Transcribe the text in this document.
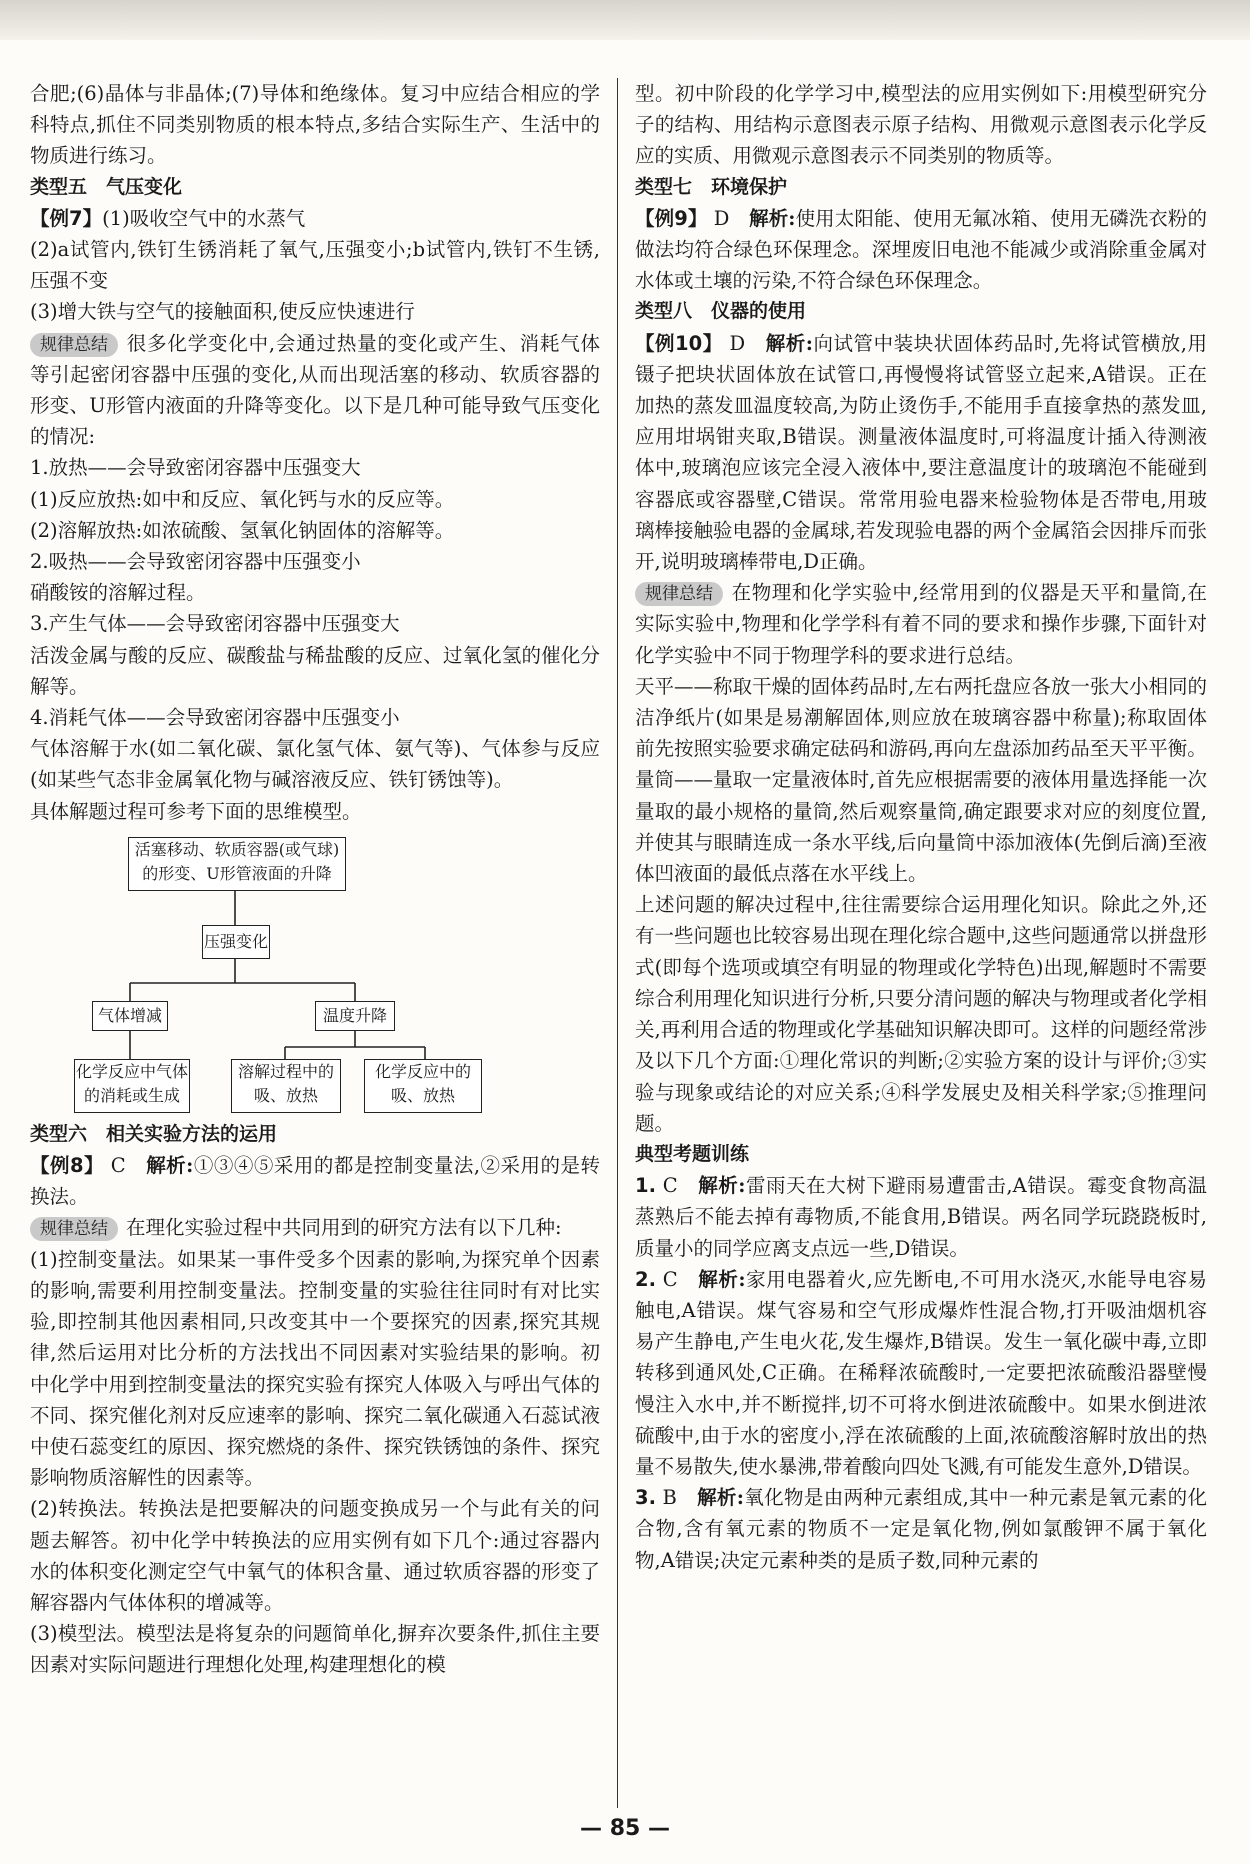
合肥;(6)晶体与非晶体;(7)导体和绝缘体。复习中应结合相应的学科特点,抓住不同类别物质的根本特点,多结合实际生产、生活中的物质进行练习。

类型五　气压变化

【例7】(1)吸收空气中的水蒸气

(2)a试管内,铁钉生锈消耗了氧气,压强变小;b试管内,铁钉不生锈,压强不变

(3)增大铁与空气的接触面积,使反应快速进行

规律总结 很多化学变化中,会通过热量的变化或产生、消耗气体等引起密闭容器中压强的变化,从而出现活塞的移动、软质容器的形变、U形管内液面的升降等变化。以下是几种可能导致气压变化的情况:

1.放热——会导致密闭容器中压强变大

(1)反应放热:如中和反应、氧化钙与水的反应等。

(2)溶解放热:如浓硫酸、氢氧化钠固体的溶解等。

2.吸热——会导致密闭容器中压强变小

硝酸铵的溶解过程。

3.产生气体——会导致密闭容器中压强变大

活泼金属与酸的反应、碳酸盐与稀盐酸的反应、过氧化氢的催化分解等。

4.消耗气体——会导致密闭容器中压强变小

气体溶解于水(如二氧化碳、氯化氢气体、氨气等)、气体参与反应(如某些气态非金属氧化物与碱溶液反应、铁钉锈蚀等)。

具体解题过程可参考下面的思维模型。

活塞移动、软质容器(或气球)的形变、U形管液面的升降
压强变化
气体增减	温度升降
化学反应中气体的消耗或生成
溶解过程中的吸、放热
化学反应中的吸、放热

类型六　相关实验方法的运用

【例8】 C　 解析:①③④⑤采用的都是控制变量法,②采用的是转换法。

规律总结 在理化实验过程中共同用到的研究方法有以下几种:

(1)控制变量法。如果某一事件受多个因素的影响,为探究单个因素的影响,需要利用控制变量法。控制变量的实验往往同时有对比实验,即控制其他因素相同,只改变其中一个要探究的因素,探究其规律,然后运用对比分析的方法找出不同因素对实验结果的影响。初中化学中用到控制变量法的探究实验有探究人体吸入与呼出气体的不同、探究催化剂对反应速率的影响、探究二氧化碳通入石蕊试液中使石蕊变红的原因、探究燃烧的条件、探究铁锈蚀的条件、探究影响物质溶解性的因素等。

(2)转换法。转换法是把要解决的问题变换成另一个与此有关的问题去解答。初中化学中转换法的应用实例有如下几个:通过容器内水的体积变化测定空气中氧气的体积含量、通过软质容器的形变了解容器内气体体积的增减等。

(3)模型法。模型法是将复杂的问题简单化,摒弃次要条件,抓住主要因素对实际问题进行理想化处理,构建理想化的模

型。初中阶段的化学学习中,模型法的应用实例如下:用模型研究分子的结构、用结构示意图表示原子结构、用微观示意图表示化学反应的实质、用微观示意图表示不同类别的物质等。

类型七　环境保护

【例9】 D　 解析:使用太阳能、使用无氟冰箱、使用无磷洗衣粉的做法均符合绿色环保理念。深埋废旧电池不能减少或消除重金属对水体或土壤的污染,不符合绿色环保理念。

类型八　仪器的使用

【例10】 D　 解析:向试管中装块状固体药品时,先将试管横放,用镊子把块状固体放在试管口,再慢慢将试管竖立起来,A错误。正在加热的蒸发皿温度较高,为防止烫伤手,不能用手直接拿热的蒸发皿,应用坩埚钳夹取,B错误。测量液体温度时,可将温度计插入待测液体中,玻璃泡应该完全浸入液体中,要注意温度计的玻璃泡不能碰到容器底或容器壁,C错误。常常用验电器来检验物体是否带电,用玻璃棒接触验电器的金属球,若发现验电器的两个金属箔会因排斥而张开,说明玻璃棒带电,D正确。

规律总结 在物理和化学实验中,经常用到的仪器是天平和量筒,在实际实验中,物理和化学学科有着不同的要求和操作步骤,下面针对化学实验中不同于物理学科的要求进行总结。

天平——称取干燥的固体药品时,左右两托盘应各放一张大小相同的洁净纸片(如果是易潮解固体,则应放在玻璃容器中称量);称取固体前先按照实验要求确定砝码和游码,再向左盘添加药品至天平平衡。

量筒——量取一定量液体时,首先应根据需要的液体用量选择能一次量取的最小规格的量筒,然后观察量筒,确定跟要求对应的刻度位置,并使其与眼睛连成一条水平线,后向量筒中添加液体(先倒后滴)至液体凹液面的最低点落在水平线上。

上述问题的解决过程中,往往需要综合运用理化知识。除此之外,还有一些问题也比较容易出现在理化综合题中,这些问题通常以拼盘形式(即每个选项或填空有明显的物理或化学特色)出现,解题时不需要综合利用理化知识进行分析,只要分清问题的解决与物理或者化学相关,再利用合适的物理或化学基础知识解决即可。这样的问题经常涉及以下几个方面:①理化常识的判断;②实验方案的设计与评价;③实验与现象或结论的对应关系;④科学发展史及相关科学家;⑤推理问题。

典型考题训练

1. C　 解析:雷雨天在大树下避雨易遭雷击,A错误。霉变食物高温蒸熟后不能去掉有毒物质,不能食用,B错误。两名同学玩跷跷板时,质量小的同学应离支点远一些,D错误。

2. C　 解析:家用电器着火,应先断电,不可用水浇灭,水能导电容易触电,A错误。煤气容易和空气形成爆炸性混合物,打开吸油烟机容易产生静电,产生电火花,发生爆炸,B错误。发生一氧化碳中毒,立即转移到通风处,C正确。在稀释浓硫酸时,一定要把浓硫酸沿器壁慢慢注入水中,并不断搅拌,切不可将水倒进浓硫酸中。如果水倒进浓硫酸中,由于水的密度小,浮在浓硫酸的上面,浓硫酸溶解时放出的热量不易散失,使水暴沸,带着酸向四处飞溅,有可能发生意外,D错误。

3. B　 解析:氧化物是由两种元素组成,其中一种元素是氧元素的化合物,含有氧元素的物质不一定是氧化物,例如氯酸钾不属于氧化物,A错误;决定元素种类的是质子数,同种元素的

— 85 —
